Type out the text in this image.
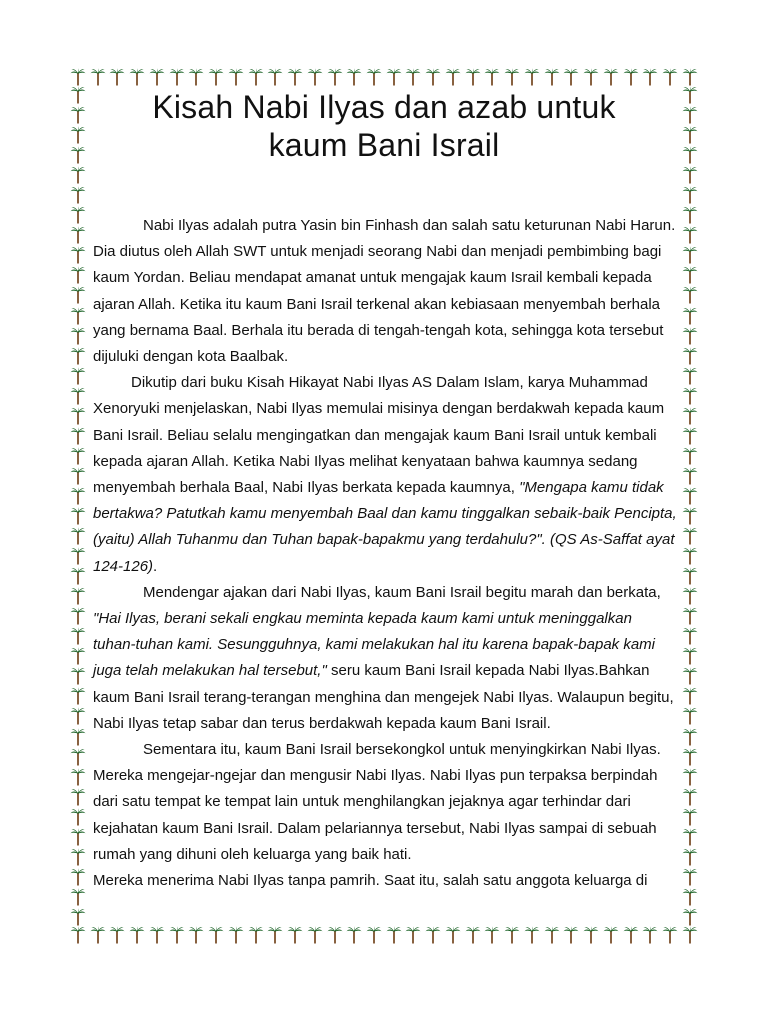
Kisah Nabi Ilyas dan azab untuk
kaum Bani Israil

Nabi Ilyas adalah putra Yasin bin Finhash dan salah satu keturunan Nabi Harun. Dia diutus oleh Allah SWT untuk menjadi seorang Nabi dan menjadi pembimbing bagi kaum Yordan. Beliau mendapat amanat untuk mengajak kaum Israil kembali kepada ajaran Allah. Ketika itu kaum Bani Israil terkenal akan kebiasaan menyembah berhala yang bernama Baal. Berhala itu berada di tengah-tengah kota, sehingga kota tersebut dijuluki dengan kota Baalbak.

Dikutip dari buku Kisah Hikayat Nabi Ilyas AS Dalam Islam, karya Muhammad Xenoryuki menjelaskan, Nabi Ilyas memulai misinya dengan berdakwah kepada kaum Bani Israil. Beliau selalu mengingatkan dan mengajak kaum Bani Israil untuk kembali kepada ajaran Allah. Ketika Nabi Ilyas melihat kenyataan bahwa kaumnya sedang menyembah berhala Baal, Nabi Ilyas berkata kepada kaumnya, "Mengapa kamu tidak bertakwa? Patutkah kamu menyembah Baal dan kamu tinggalkan sebaik-baik Pencipta, (yaitu) Allah Tuhanmu dan Tuhan bapak-bapakmu yang terdahulu?". (QS As-Saffat ayat 124-126).

Mendengar ajakan dari Nabi Ilyas, kaum Bani Israil begitu marah dan berkata, "Hai Ilyas, berani sekali engkau meminta kepada kaum kami untuk meninggalkan tuhan-tuhan kami. Sesungguhnya, kami melakukan hal itu karena bapak-bapak kami juga telah melakukan hal tersebut," seru kaum Bani Israil kepada Nabi Ilyas.Bahkan kaum Bani Israil terang-terangan menghina dan mengejek Nabi Ilyas. Walaupun begitu, Nabi Ilyas tetap sabar dan terus berdakwah kepada kaum Bani Israil.

Sementara itu, kaum Bani Israil bersekongkol untuk menyingkirkan Nabi Ilyas. Mereka mengejar-ngejar dan mengusir Nabi Ilyas. Nabi Ilyas pun terpaksa berpindah dari satu tempat ke tempat lain untuk menghilangkan jejaknya agar terhindar dari kejahatan kaum Bani Israil. Dalam pelariannya tersebut, Nabi Ilyas sampai di sebuah rumah yang dihuni oleh keluarga yang baik hati.

Mereka menerima Nabi Ilyas tanpa pamrih. Saat itu, salah satu anggota keluarga di
